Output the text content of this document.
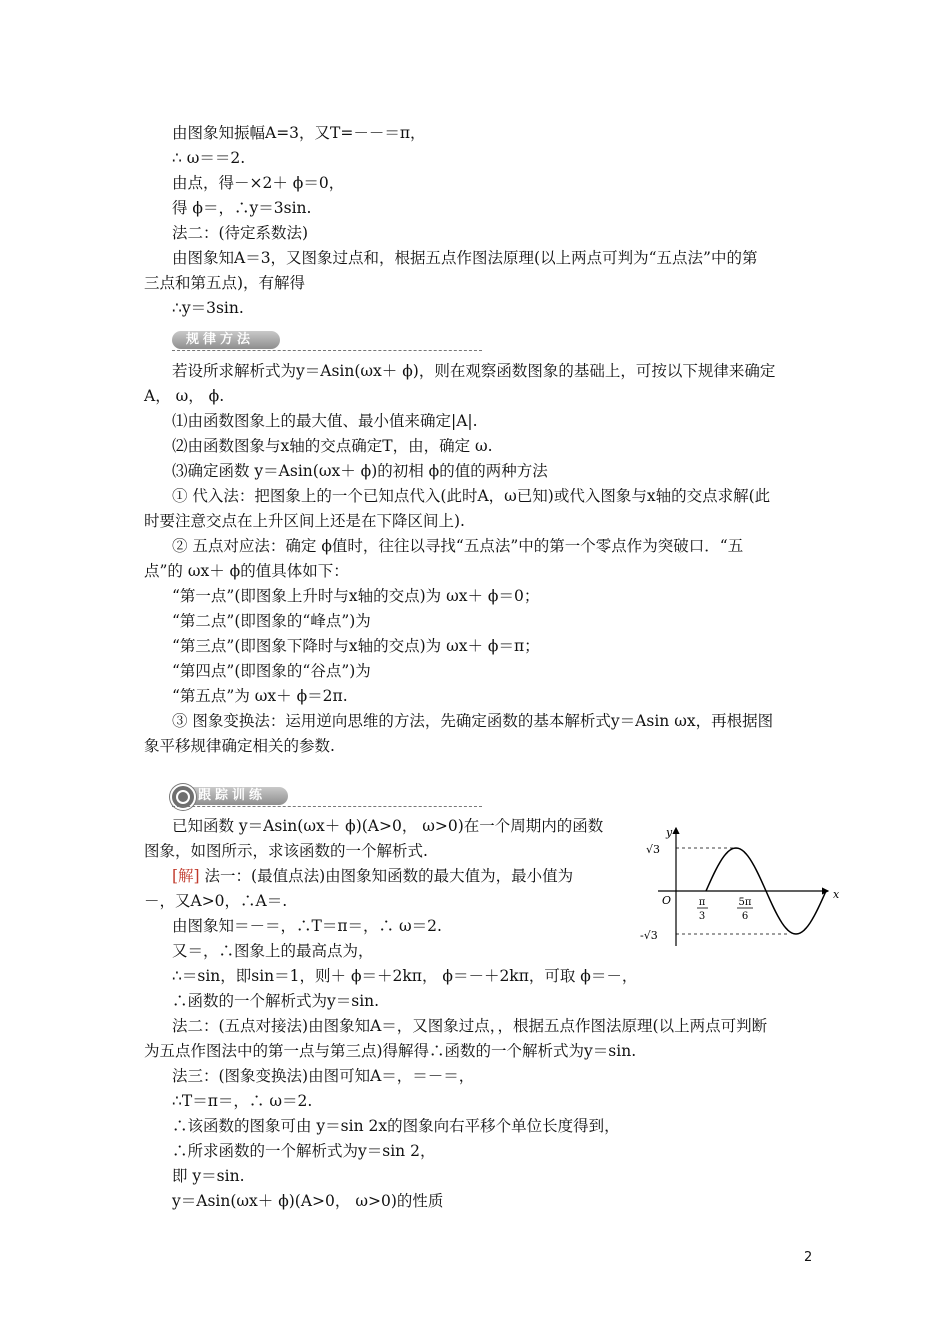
由图象知振幅A=3，又T=－－＝π，
∴ ω＝＝2.
由点，得－×2＋ ϕ＝0，
得 ϕ＝，∴y＝3sin.
法二：(待定系数法)
由图象知A＝3，又图象过点和，根据五点作图法原理(以上两点可判为“五点法”中的第
三点和第五点)，有解得
∴y＝3sin.
若设所求解析式为y＝Asin(ωx＋ ϕ)，则在观察函数图象的基础上，可按以下规律来确定
A， ω， ϕ.
⑴由函数图象上的最大值、最小值来确定|A|.
⑵由函数图象与x轴的交点确定T，由，确定 ω.
⑶确定函数 y＝Asin(ωx＋ ϕ)的初相 ϕ的值的两种方法
① 代入法：把图象上的一个已知点代入(此时A，ω已知)或代入图象与x轴的交点求解(此
时要注意交点在上升区间上还是在下降区间上).
② 五点对应法：确定 ϕ值时，往往以寻找“五点法”中的第一个零点作为突破口．“五
点”的 ωx＋ ϕ的值具体如下：
“第一点”(即图象上升时与x轴的交点)为 ωx＋ ϕ＝0；
“第二点”(即图象的“峰点”)为
“第三点”(即图象下降时与x轴的交点)为 ωx＋ ϕ＝π；
“第四点”(即图象的“谷点”)为
“第五点”为 ωx＋ ϕ＝2π.
③ 图象变换法：运用逆向思维的方法，先确定函数的基本解析式y＝Asin ωx，再根据图
象平移规律确定相关的参数.
已知函数 y＝Asin(ωx＋ ϕ)(A>0， ω>0)在一个周期内的函数
图象，如图所示，求该函数的一个解析式.
－，又A>0，∴A＝.
由图象知＝－＝，∴T＝π＝，∴ ω＝2.
又＝，∴图象上的最高点为，
∴＝sin，即sin＝1，则＋ ϕ＝＋2kπ， ϕ＝－＋2kπ，可取 ϕ＝－，
∴函数的一个解析式为y＝sin.
法二：(五点对接法)由图象知A＝，又图象过点，，根据五点作图法原理(以上两点可判断
为五点作图法中的第一点与第三点)得解得∴函数的一个解析式为y＝sin.
法三：(图象变换法)由图可知A＝，＝－＝，
∴T＝π＝，∴ ω＝2.
∴该函数的图象可由 y＝sin 2x的图象向右平移个单位长度得到，
∴所求函数的一个解析式为y＝sin 2，
即 y＝sin.
y＝Asin(ωx＋ ϕ)(A>0， ω>0)的性质
[解] 法一：(最值点法)由图象知函数的最大值为，最小值为
规律方法
跟踪训练
y
x
O
√3
-√3
π
3
5π
6
2
